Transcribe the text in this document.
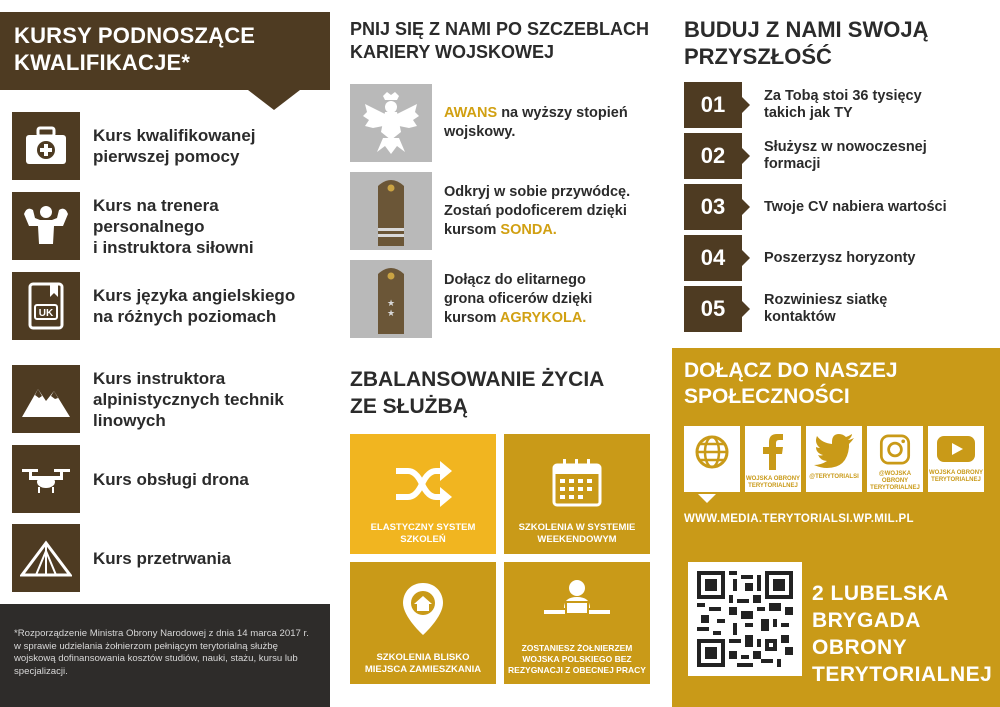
KURSY PODNOSZĄCE
KWALIFIKACJE*
Kurs kwalifikowanej
pierwszej pomocy
Kurs na trenera
personalnego
i instruktora siłowni
UK
Kurs języka angielskiego
na różnych poziomach
Kurs instruktora
alpinistycznych technik
linowych
Kurs obsługi drona
Kurs przetrwania
*Rozporządzenie Ministra Obrony Narodowej z dnia 14 marca 2017 r. w sprawie udzielania żołnierzom pełniącym terytorialną służbę wojskową dofinansowania kosztów studiów, nauki, stażu, kursu lub specjalizacji.
PNIJ SIĘ Z NAMI PO SZCZEBLACH
KARIERY WOJSKOWEJ
AWANS na wyższy stopień
wojskowy.
Odkryj w sobie przywódcę.
Zostań podoficerem dzięki
kursom SONDA.
★
★
Dołącz do elitarnego
grona oficerów dzięki
kursom AGRYKOLA.
ZBALANSOWANIE ŻYCIA
ZE SŁUŻBĄ
ELASTYCZNY SYSTEM
SZKOLEŃ
SZKOLENIA W SYSTEMIE
WEEKENDOWYM
SZKOLENIA BLISKO
MIEJSCA ZAMIESZKANIA
ZOSTANIESZ ŻOŁNIERZEM
WOJSKA POLSKIEGO BEZ
REZYGNACJI Z OBECNEJ PRACY
BUDUJ Z NAMI SWOJĄ
PRZYSZŁOŚĆ
01	Za Tobą stoi 36 tysięcy
takich jak TY
02	Służysz w nowoczesnej
formacji
03	Twoje CV nabiera wartości
04	Poszerzysz horyzonty
05	Rozwiniesz siatkę
kontaktów
DOŁĄCZ DO NASZEJ
SPOŁECZNOŚCI
WOJSKA OBRONY
TERYTORIALNEJ
@TERYTORIALSI	@WOJSKA OBRONY
TERYTORIALNEJ
WOJSKA OBRONY
TERYTORIALNEJ
WWW.MEDIA.TERYTORIALSI.WP.MIL.PL
2 LUBELSKA
BRYGADA OBRONY
TERYTORIALNEJ
